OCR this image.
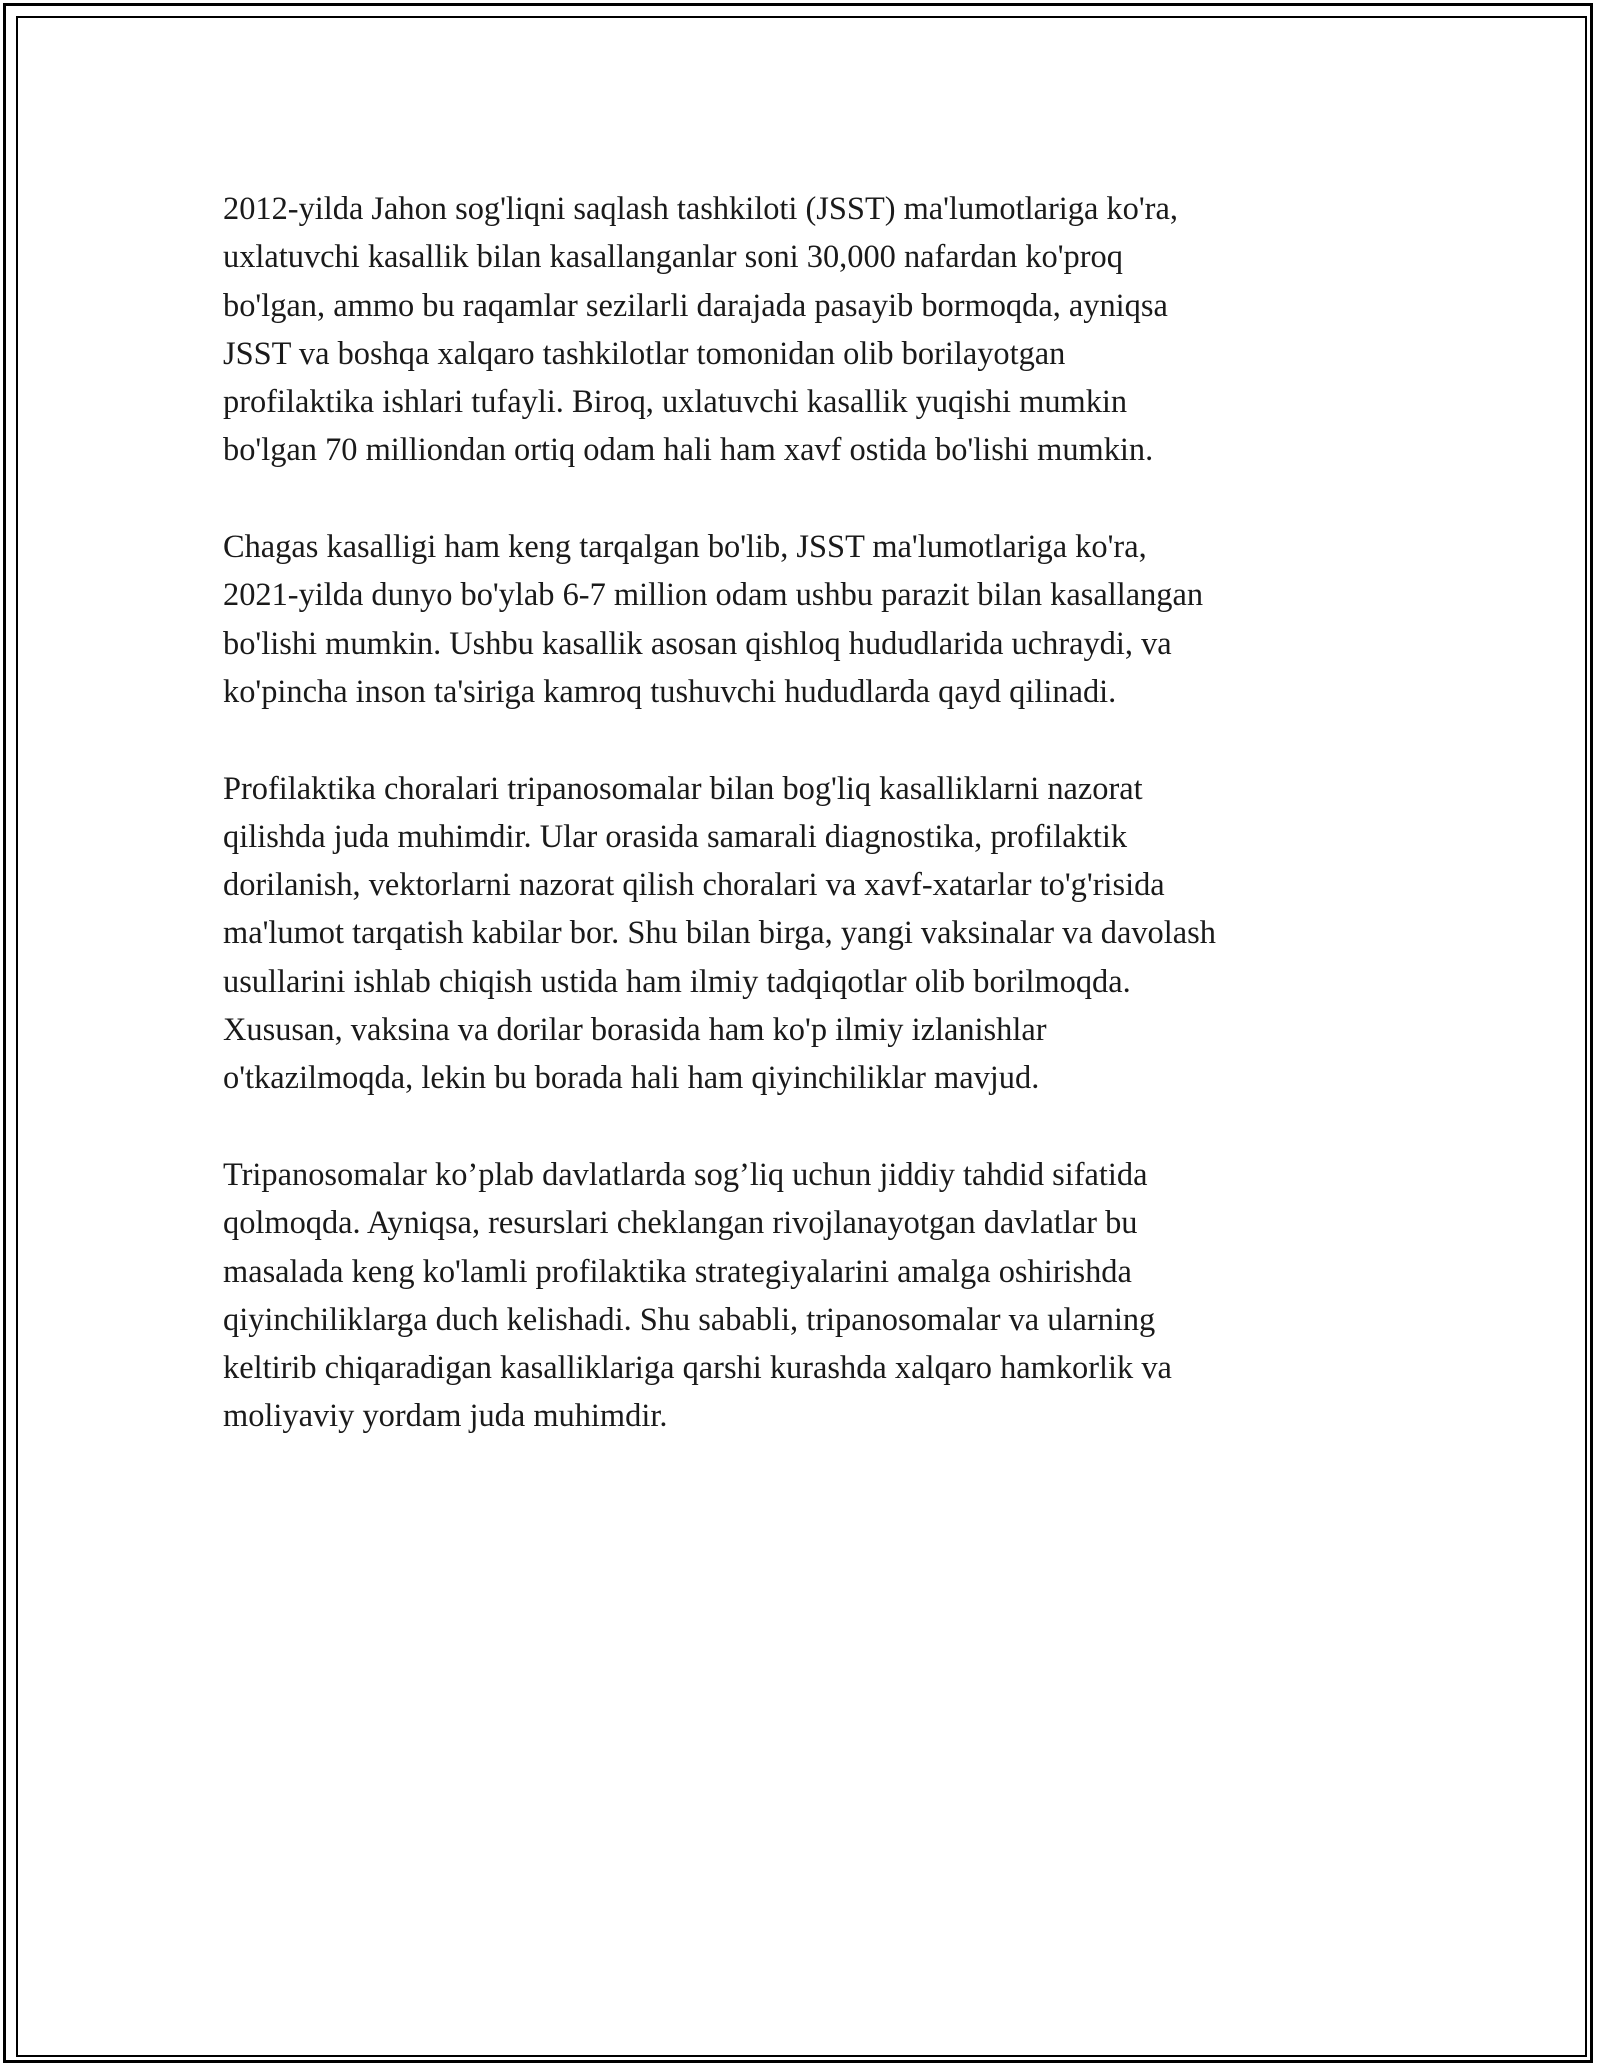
2012-yilda Jahon sog'liqni saqlash tashkiloti (JSST) ma'lumotlariga ko'ra,
uxlatuvchi kasallik bilan kasallanganlar soni 30,000 nafardan ko'proq
bo'lgan, ammo bu raqamlar sezilarli darajada pasayib bormoqda, ayniqsa
JSST va boshqa xalqaro tashkilotlar tomonidan olib borilayotgan
profilaktika ishlari tufayli. Biroq, uxlatuvchi kasallik yuqishi mumkin
bo'lgan 70 milliondan ortiq odam hali ham xavf ostida bo'lishi mumkin.

Chagas kasalligi ham keng tarqalgan bo'lib, JSST ma'lumotlariga ko'ra,
2021-yilda dunyo bo'ylab 6-7 million odam ushbu parazit bilan kasallangan
bo'lishi mumkin. Ushbu kasallik asosan qishloq hududlarida uchraydi, va
ko'pincha inson ta'siriga kamroq tushuvchi hududlarda qayd qilinadi.

Profilaktika choralari tripanosomalar bilan bog'liq kasalliklarni nazorat
qilishda juda muhimdir. Ular orasida samarali diagnostika, profilaktik
dorilanish, vektorlarni nazorat qilish choralari va xavf-xatarlar to'g'risida
ma'lumot tarqatish kabilar bor. Shu bilan birga, yangi vaksinalar va davolash
usullarini ishlab chiqish ustida ham ilmiy tadqiqotlar olib borilmoqda.
Xususan, vaksina va dorilar borasida ham ko'p ilmiy izlanishlar
o'tkazilmoqda, lekin bu borada hali ham qiyinchiliklar mavjud.

Tripanosomalar ko’plab davlatlarda sog’liq uchun jiddiy tahdid sifatida
qolmoqda. Ayniqsa, resurslari cheklangan rivojlanayotgan davlatlar bu
masalada keng ko'lamli profilaktika strategiyalarini amalga oshirishda
qiyinchiliklarga duch kelishadi. Shu sababli, tripanosomalar va ularning
keltirib chiqaradigan kasalliklariga qarshi kurashda xalqaro hamkorlik va
moliyaviy yordam juda muhimdir.
